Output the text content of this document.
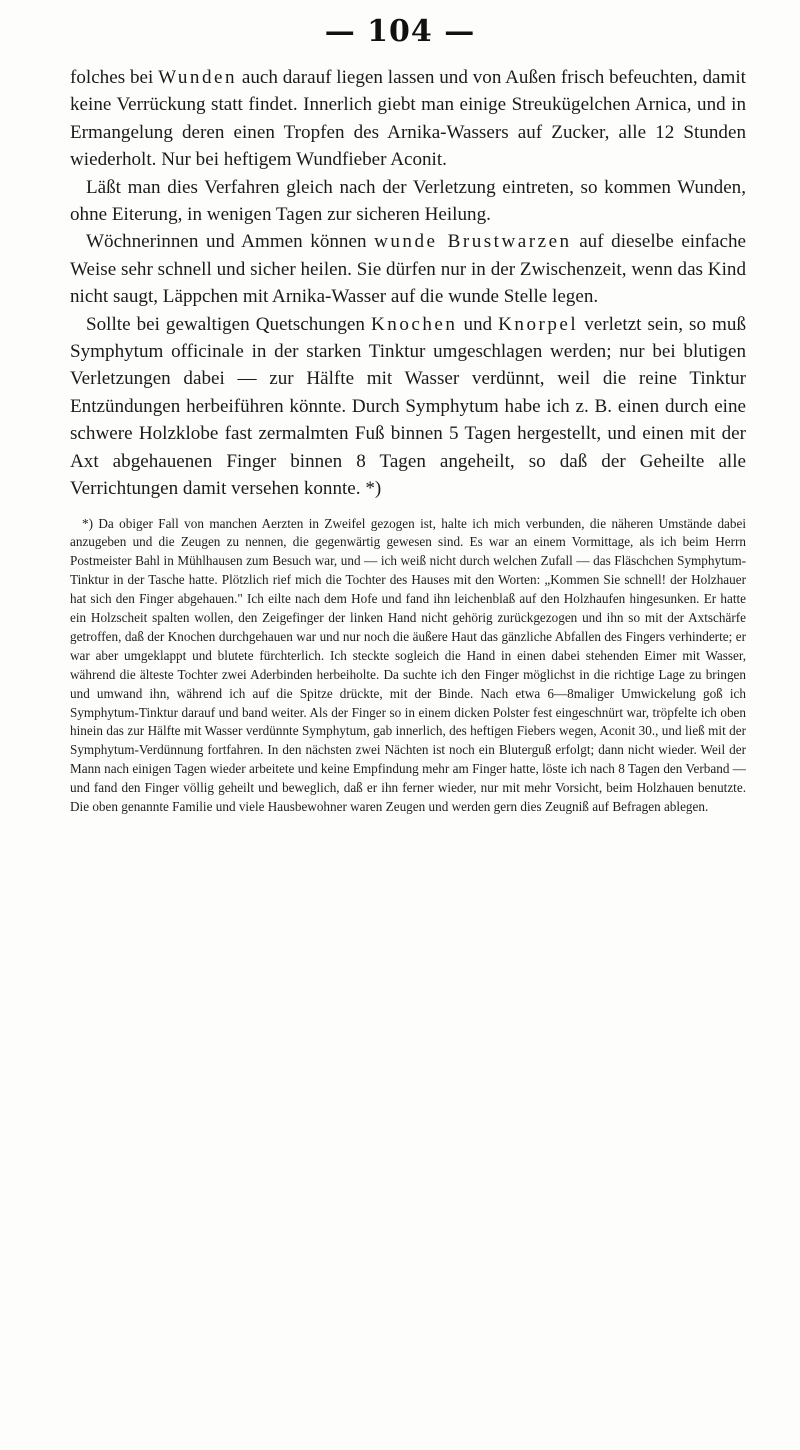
— 104 —

folches bei Wunden auch darauf liegen lassen und von Außen frisch befeuchten, damit keine Verrückung statt findet. Innerlich giebt man einige Streukügelchen Arnica, und in Ermangelung deren einen Tropfen des Arnika-Wassers auf Zucker, alle 12 Stunden wiederholt. Nur bei heftigem Wundfieber Aconit.

Läßt man dies Verfahren gleich nach der Verletzung eintreten, so kommen Wunden, ohne Eiterung, in wenigen Tagen zur sicheren Heilung.

Wöchnerinnen und Ammen können wunde Brustwarzen auf dieselbe einfache Weise sehr schnell und sicher heilen. Sie dürfen nur in der Zwischenzeit, wenn das Kind nicht saugt, Läppchen mit Arnika-Wasser auf die wunde Stelle legen.

Sollte bei gewaltigen Quetschungen Knochen und Knorpel verletzt sein, so muß Symphytum officinale in der starken Tinktur umgeschlagen werden; nur bei blutigen Verletzungen dabei — zur Hälfte mit Wasser verdünnt, weil die reine Tinktur Entzündungen herbeiführen könnte. Durch Symphytum habe ich z. B. einen durch eine schwere Holzklobe fast zermalmten Fuß binnen 5 Tagen hergestellt, und einen mit der Axt abgehauenen Finger binnen 8 Tagen angeheilt, so daß der Geheilte alle Verrichtungen damit versehen konnte. *)

*) Da obiger Fall von manchen Aerzten in Zweifel gezogen ist, halte ich mich verbunden, die näheren Umstände dabei anzugeben und die Zeugen zu nennen, die gegenwärtig gewesen sind. Es war an einem Vormittage, als ich beim Herrn Postmeister Bahl in Mühlhausen zum Besuch war, und — ich weiß nicht durch welchen Zufall — das Fläschchen Symphytum-Tinktur in der Tasche hatte. Plötzlich rief mich die Tochter des Hauses mit den Worten: „Kommen Sie schnell! der Holzhauer hat sich den Finger abgehauen." Ich eilte nach dem Hofe und fand ihn leichenblaß auf den Holzhaufen hingesunken. Er hatte ein Holzscheit spalten wollen, den Zeigefinger der linken Hand nicht gehörig zurückgezogen und ihn so mit der Axtschärfe getroffen, daß der Knochen durchgehauen war und nur noch die äußere Haut das gänzliche Abfallen des Fingers verhinderte; er war aber umgeklappt und blutete fürchterlich. Ich steckte sogleich die Hand in einen dabei stehenden Eimer mit Wasser, während die älteste Tochter zwei Aderbinden herbeiholte. Da suchte ich den Finger möglichst in die richtige Lage zu bringen und umwand ihn, während ich auf die Spitze drückte, mit der Binde. Nach etwa 6—8maliger Umwickelung goß ich Symphytum-Tinktur darauf und band weiter. Als der Finger so in einem dicken Polster fest eingeschnürt war, tröpfelte ich oben hinein das zur Hälfte mit Wasser verdünnte Symphytum, gab innerlich, des heftigen Fiebers wegen, Aconit 30., und ließ mit der Symphytum-Verdünnung fortfahren. In den nächsten zwei Nächten ist noch ein Bluterguß erfolgt; dann nicht wieder. Weil der Mann nach einigen Tagen wieder arbeitete und keine Empfindung mehr am Finger hatte, löste ich nach 8 Tagen den Verband — und fand den Finger völlig geheilt und beweglich, daß er ihn ferner wieder, nur mit mehr Vorsicht, beim Holzhauen benutzte. Die oben genannte Familie und viele Hausbewohner waren Zeugen und werden gern dies Zeugniß auf Befragen ablegen.
